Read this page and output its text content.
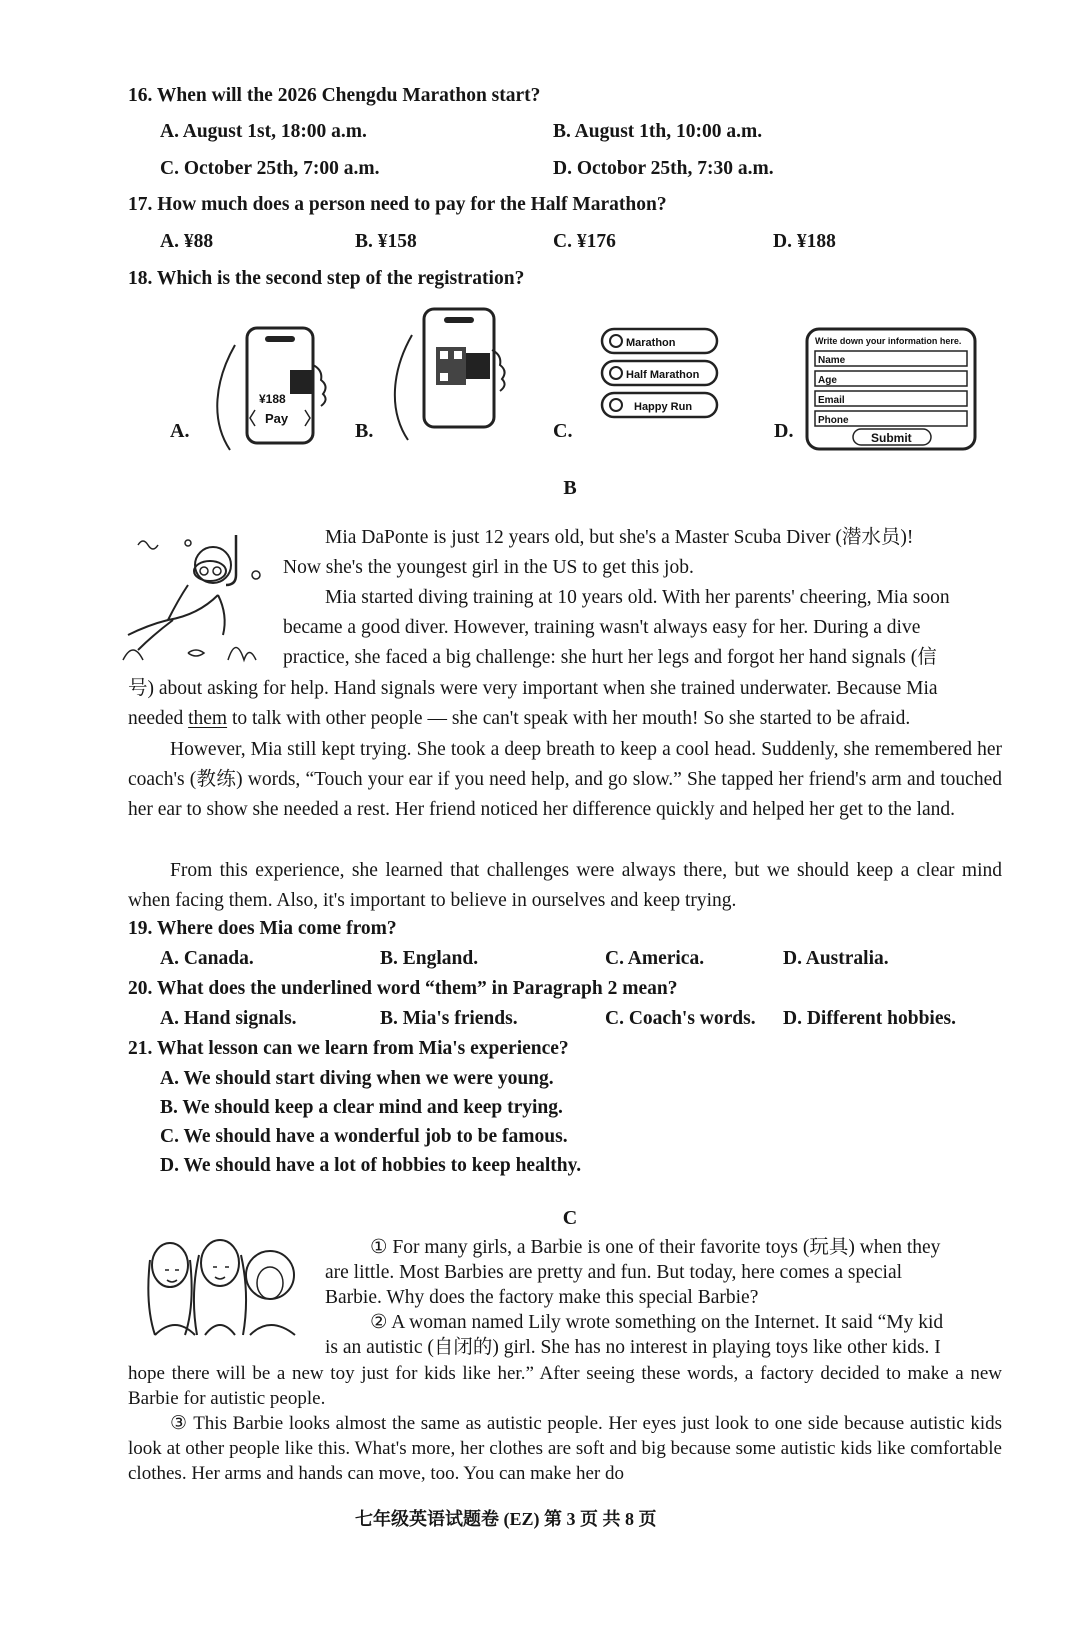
16. When will the 2026 Chengdu Marathon start?
A. August 1st, 18:00 a.m.	B. August 1th, 10:00 a.m.
C. October 25th, 7:00 a.m.	D. Octobor 25th, 7:30 a.m.
17. How much does a person need to pay for the Half Marathon?
A. ¥88	B. ¥158	C. ¥176	D. ¥188
18. Which is the second step of the registration?
¥188
Pay
A.	B.
Marathon
Half Marathon
Happy Run
C.
Write down your information here.
Name
Age
Email
Phone
Submit
D.
B
Mia DaPonte is just 12 years old, but she's a Master Scuba Diver (潜水员)!
Now she's the youngest girl in the US to get this job.
Mia started diving training at 10 years old. With her parents' cheering, Mia soon
became a good diver. However, training wasn't always easy for her. During a dive
practice, she faced a big challenge: she hurt her legs and forgot her hand signals (信
号) about asking for help. Hand signals were very important when she trained underwater. Because Mia
needed them to talk with other people — she can't speak with her mouth! So she started to be afraid.
However, Mia still kept trying. She took a deep breath to keep a cool head. Suddenly, she remembered her coach's (教练) words, “Touch your ear if you need help, and go slow.” She tapped her friend's arm and touched her ear to show she needed a rest. Her friend noticed her difference quickly and helped her get to the land.
From this experience, she learned that challenges were always there, but we should keep a clear mind when facing them. Also, it's important to believe in ourselves and keep trying.
19. Where does Mia come from?
A. Canada.	B. England.	C. America.	D. Australia.
20. What does the underlined word “them” in Paragraph 2 mean?
A. Hand signals.	B. Mia's friends.	C. Coach's words. D. Different hobbies.
21. What lesson can we learn from Mia's experience?
A. We should start diving when we were young.
B. We should keep a clear mind and keep trying.
C. We should have a wonderful job to be famous.
D. We should have a lot of hobbies to keep healthy.
C
① For many girls, a Barbie is one of their favorite toys (玩具) when they
are little. Most Barbies are pretty and fun. But today, here comes a special
Barbie. Why does the factory make this special Barbie?
② A woman named Lily wrote something on the Internet. It said “My kid
is an autistic (自闭的) girl. She has no interest in playing toys like other kids. I
hope there will be a new toy just for kids like her.” After seeing these words, a factory decided to make a new Barbie for autistic people.
③ This Barbie looks almost the same as autistic people. Her eyes just look to one side because autistic kids look at other people like this. What's more, her clothes are soft and big because some autistic kids like comfortable clothes. Her arms and hands can move, too. You can make her do
七年级英语试题卷 (EZ) 第 3 页 共 8 页
